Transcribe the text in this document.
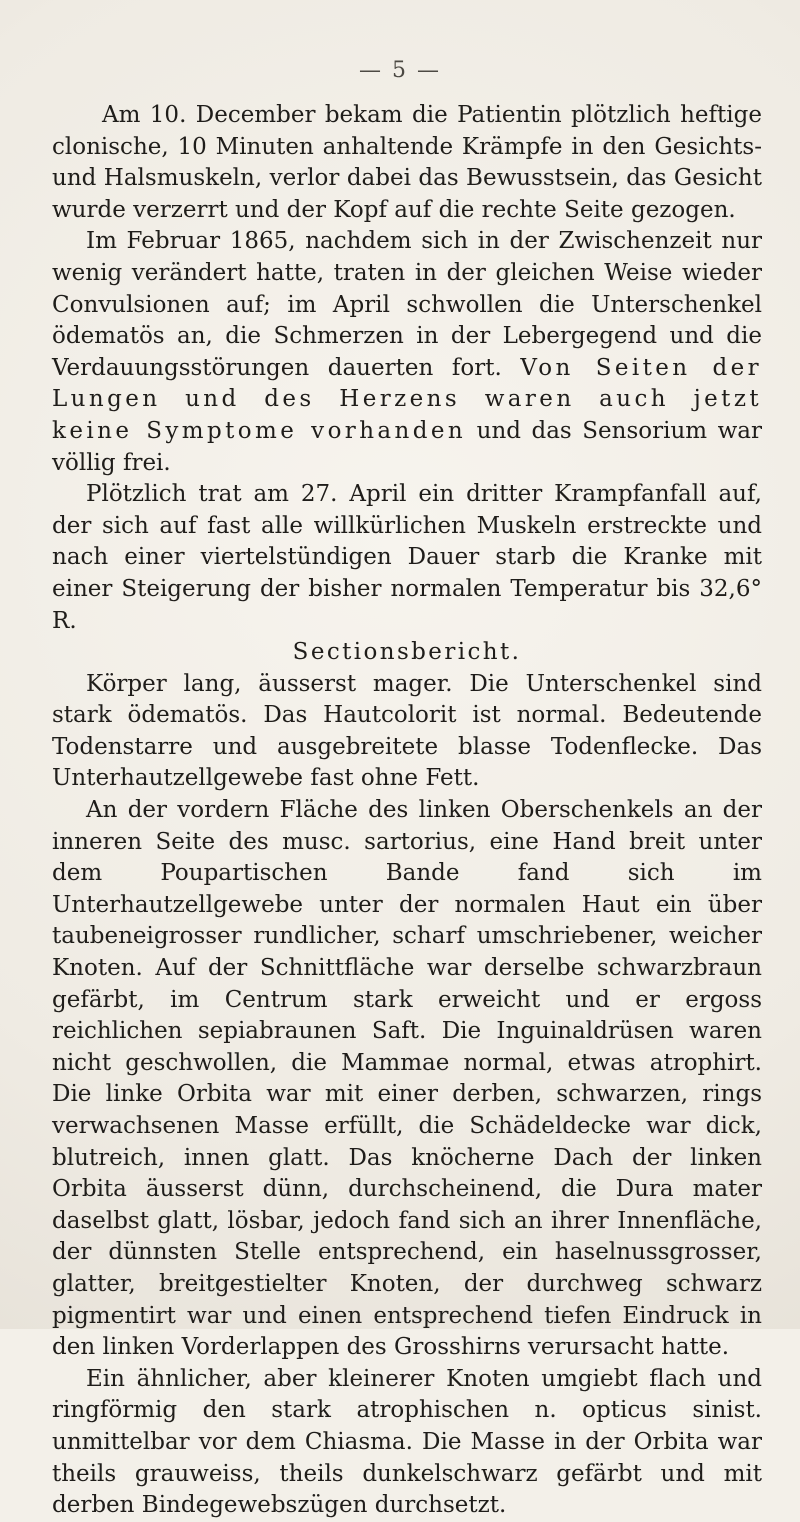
— 5 —

Am 10. December bekam die Patientin plötzlich heftige clonische, 10 Minuten anhaltende Krämpfe in den Gesichts- und Halsmuskeln, verlor dabei das Bewusstsein, das Gesicht wurde verzerrt und der Kopf auf die rechte Seite gezogen.

Im Februar 1865, nachdem sich in der Zwischenzeit nur wenig verändert hatte, traten in der gleichen Weise wieder Convulsionen auf; im April schwollen die Unterschenkel ödematös an, die Schmerzen in der Lebergegend und die Verdauungsstörungen dauerten fort. Von Seiten der Lungen und des Herzens waren auch jetzt keine Symptome vorhanden und das Sensorium war völlig frei.

Plötzlich trat am 27. April ein dritter Krampfanfall auf, der sich auf fast alle willkürlichen Muskeln erstreckte und nach einer viertelstündigen Dauer starb die Kranke mit einer Steigerung der bisher normalen Temperatur bis 32,6° R.

Sectionsbericht.

Körper lang, äusserst mager. Die Unterschenkel sind stark ödematös. Das Hautcolorit ist normal. Bedeutende Todenstarre und ausgebreitete blasse Todenflecke. Das Unterhautzellgewebe fast ohne Fett.

An der vordern Fläche des linken Oberschenkels an der inneren Seite des musc. sartorius, eine Hand breit unter dem Poupartischen Bande fand sich im Unterhautzellgewebe unter der normalen Haut ein über taubeneigrosser rundlicher, scharf umschriebener, weicher Knoten. Auf der Schnittfläche war derselbe schwarzbraun gefärbt, im Centrum stark erweicht und er ergoss reichlichen sepiabraunen Saft. Die Inguinaldrüsen waren nicht geschwollen, die Mammae normal, etwas atrophirt. Die linke Orbita war mit einer derben, schwarzen, rings verwachsenen Masse erfüllt, die Schädeldecke war dick, blutreich, innen glatt. Das knöcherne Dach der linken Orbita äusserst dünn, durchscheinend, die Dura mater daselbst glatt, lösbar, jedoch fand sich an ihrer Innenfläche, der dünnsten Stelle entsprechend, ein haselnussgrosser, glatter, breitgestielter Knoten, der durchweg schwarz pigmentirt war und einen entsprechend tiefen Eindruck in den linken Vorderlappen des Grosshirns verursacht hatte.

Ein ähnlicher, aber kleinerer Knoten umgiebt flach und ringförmig den stark atrophischen n. opticus sinist. unmittelbar vor dem Chiasma. Die Masse in der Orbita war theils grauweiss, theils dunkelschwarz gefärbt und mit derben Bindegewebszügen durchsetzt.
